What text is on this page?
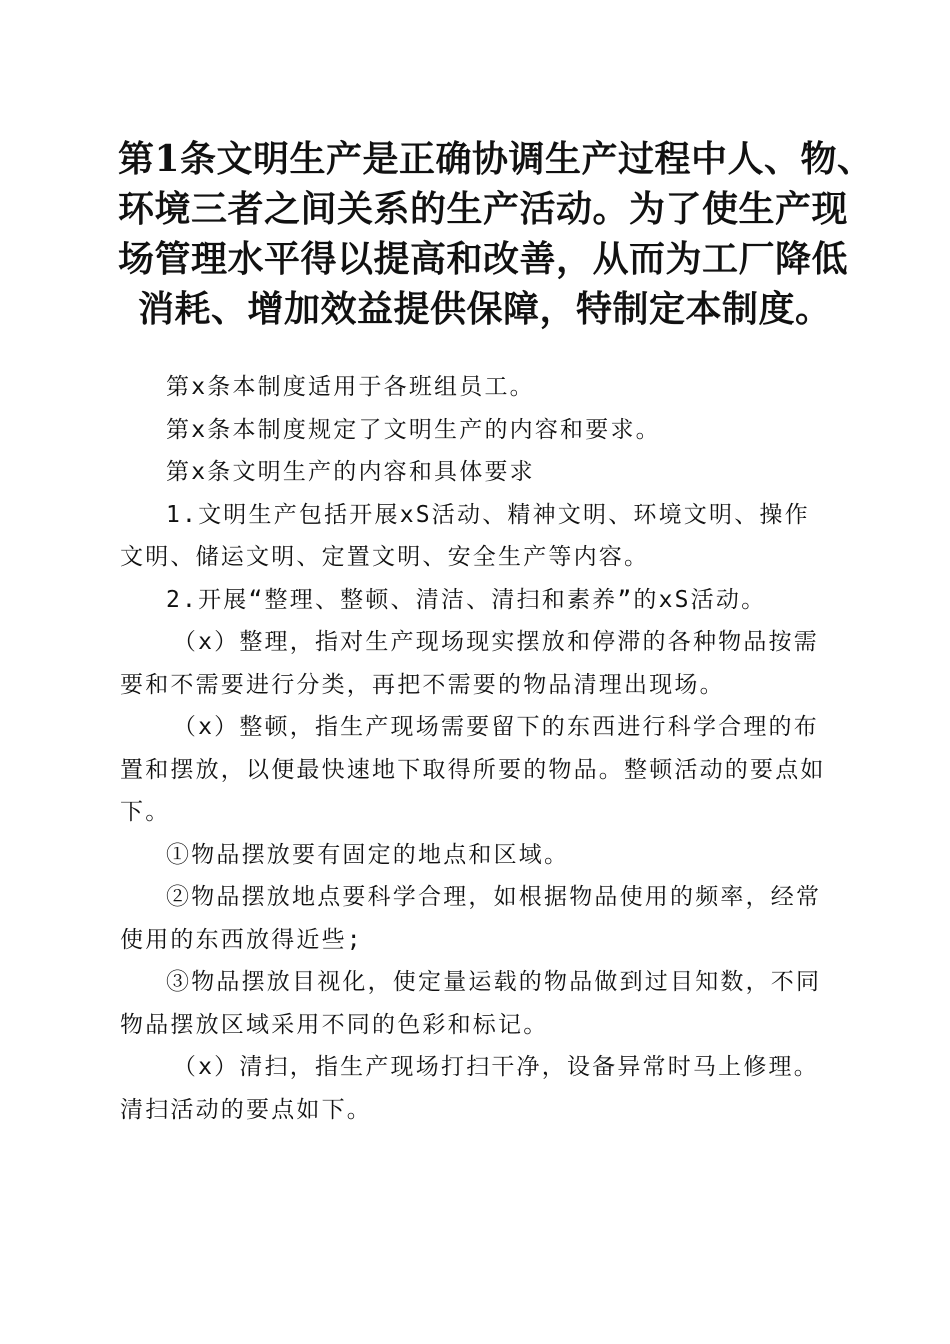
第1条文明生产是正确协调生产过程中人、物、
环境三者之间关系的生产活动。为了使生产现
场管理水平得以提高和改善，从而为工厂降低
消耗、增加效益提供保障，特制定本制度。

第x条本制度适用于各班组员工。

第x条本制度规定了文明生产的内容和要求。

第x条文明生产的内容和具体要求

1.文明生产包括开展xS活动、精神文明、环境文明、操作文明、储运文明、定置文明、安全生产等内容。

2.开展“整理、整顿、清洁、清扫和素养”的xS活动。

（x）整理，指对生产现场现实摆放和停滞的各种物品按需要和不需要进行分类，再把不需要的物品清理出现场。

（x）整顿，指生产现场需要留下的东西进行科学合理的布置和摆放，以便最快速地下取得所要的物品。整顿活动的要点如下。

①物品摆放要有固定的地点和区域。

②物品摆放地点要科学合理，如根据物品使用的频率，经常使用的东西放得近些;

③物品摆放目视化，使定量运载的物品做到过目知数，不同物品摆放区域采用不同的色彩和标记。

（x）清扫，指生产现场打扫干净，设备异常时马上修理。清扫活动的要点如下。
